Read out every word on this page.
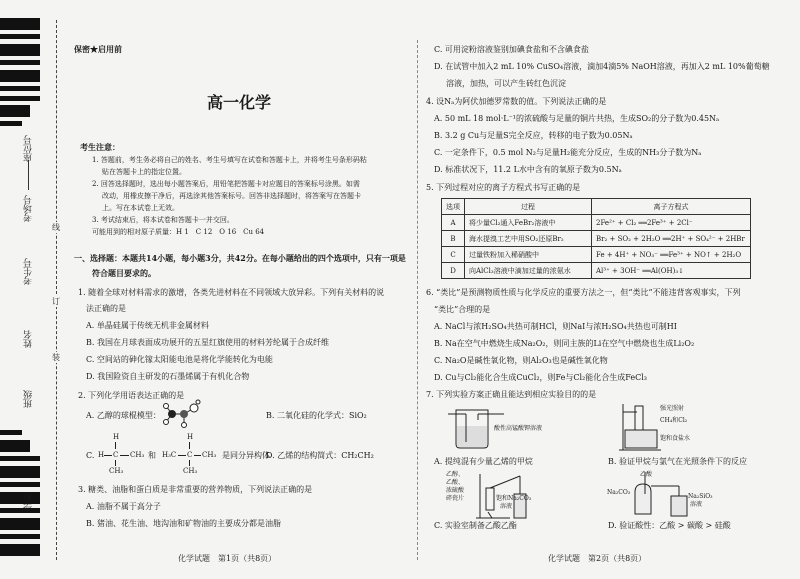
座位号
考场号
考生号
姓名
班级
学校
线
订
装
保密★启用前
高一化学
考生注意：
1. 答题前，考生务必将自己的姓名、考生号填写在试卷和答题卡上，并将考生号条形码粘
贴在答题卡上的指定位置。
2. 回答选择题时，选出每小题答案后，用铅笔把答题卡对应题目的答案标号涂黑。如需
改动，用橡皮擦干净后，再选涂其他答案标号。回答非选择题时，将答案写在答题卡
上。写在本试卷上无效。
3. 考试结束后，将本试卷和答题卡一并交回。
可能用到的相对原子质量：H 1　C 12　O 16　Cu 64
一、选择题：本题共14小题，每小题3分，共42分。在每小题给出的四个选项中，只有一项是
符合题目要求的。
1. 随着全球对材料需求的激增，各类先进材料在不同领域大放异彩。下列有关材料的说
法正确的是
A. 单晶硅属于传统无机非金属材料
B. 我国在月球表面成功展开的五星红旗使用的材料芳纶属于合成纤维
C. 空间站的砷化镓太阳能电池是将化学能转化为电能
D. 我国险资自主研发的石墨烯属于有机化合物
2. 下列化学用语表达正确的是
A. 乙醇的球棍模型：	B. 二氧化硅的化学式：SiO₂
C.
H
H C CH₃
CH₃
和 H₃C
H
C CH₃
CH₃
是同分异构体
D. 乙烯的结构简式：CH₂CH₂
3. 糖类、油脂和蛋白质是非常重要的营养物质，下列说法正确的是
A. 油脂不属于高分子
B. 猪油、花生油、地沟油和矿物油的主要成分都是油脂
化学试题　第1页（共8页）
C. 可用淀粉溶液鉴别加碘食盐和不含碘食盐
D. 在试管中加入2 mL 10% CuSO₄溶液，滴加4滴5% NaOH溶液，再加入2 mL 10%葡萄糖
溶液，加热，可以产生砖红色沉淀
4. 设Nₐ为阿伏加德罗常数的值。下列说法正确的是
A. 50 mL 18 mol·L⁻¹的浓硫酸与足量的铜片共热，生成SO₂的分子数为0.45Nₐ
B. 3.2 g Cu与足量S完全反应，转移的电子数为0.05Nₐ
C. 一定条件下，0.5 mol N₂与足量H₂能充分反应，生成的NH₃分子数为Nₐ
D. 标准状况下，11.2 L水中含有的氧原子数为0.5Nₐ
5. 下列过程对应的离子方程式书写正确的是
选项	过程	离子方程式
A	将少量Cl₂通入FeBr₂溶液中	2Fe²⁺ + Cl₂ ══2Fe³⁺ + 2Cl⁻
B	海水提溴工艺中用SO₂还原Br₂	Br₂ + SO₂ + 2H₂O ══2H⁺ + SO₄²⁻ + 2HBr
C	过量铁粉加入稀硝酸中	Fe + 4H⁺ + NO₃⁻ ══Fe³⁺ + NO↑ + 2H₂O
D	向AlCl₃溶液中滴加过量的浓氨水	Al³⁺ + 3OH⁻ ══Al(OH)₃↓
6. “类比”是预测物质性质与化学反应的重要方法之一，但“类比”不能违背客观事实，下列
“类比”合理的是
A. NaCl与浓H₂SO₄共热可制HCl，则NaI与浓H₂SO₄共热也可制HI
B. Na在空气中燃烧生成Na₂O₂，则同主族的Li在空气中燃烧也生成Li₂O₂
C. Na₂O是碱性氧化物，则Al₂O₃也是碱性氧化物
D. Cu与Cl₂能化合生成CuCl₂，则Fe与Cl₂能化合生成FeCl₃
7. 下列实验方案正确且能达到相应实验目的的是
酸性高锰酸钾溶液
强光照射
CH₄和Cl₂
饱和食盐水
A. 提纯混有少量乙烯的甲烷	B. 验证甲烷与氯气在光照条件下的反应
乙醇、
乙酸、
浓硫酸
碎瓷片	饱和Na₂CO₃
溶液
乙酸
Na₂CO₃
Na₂SiO₃
溶液
C. 实验室制备乙酸乙酯	D. 验证酸性：乙酸 > 碳酸 > 硅酸
化学试题　第2页（共8页）
